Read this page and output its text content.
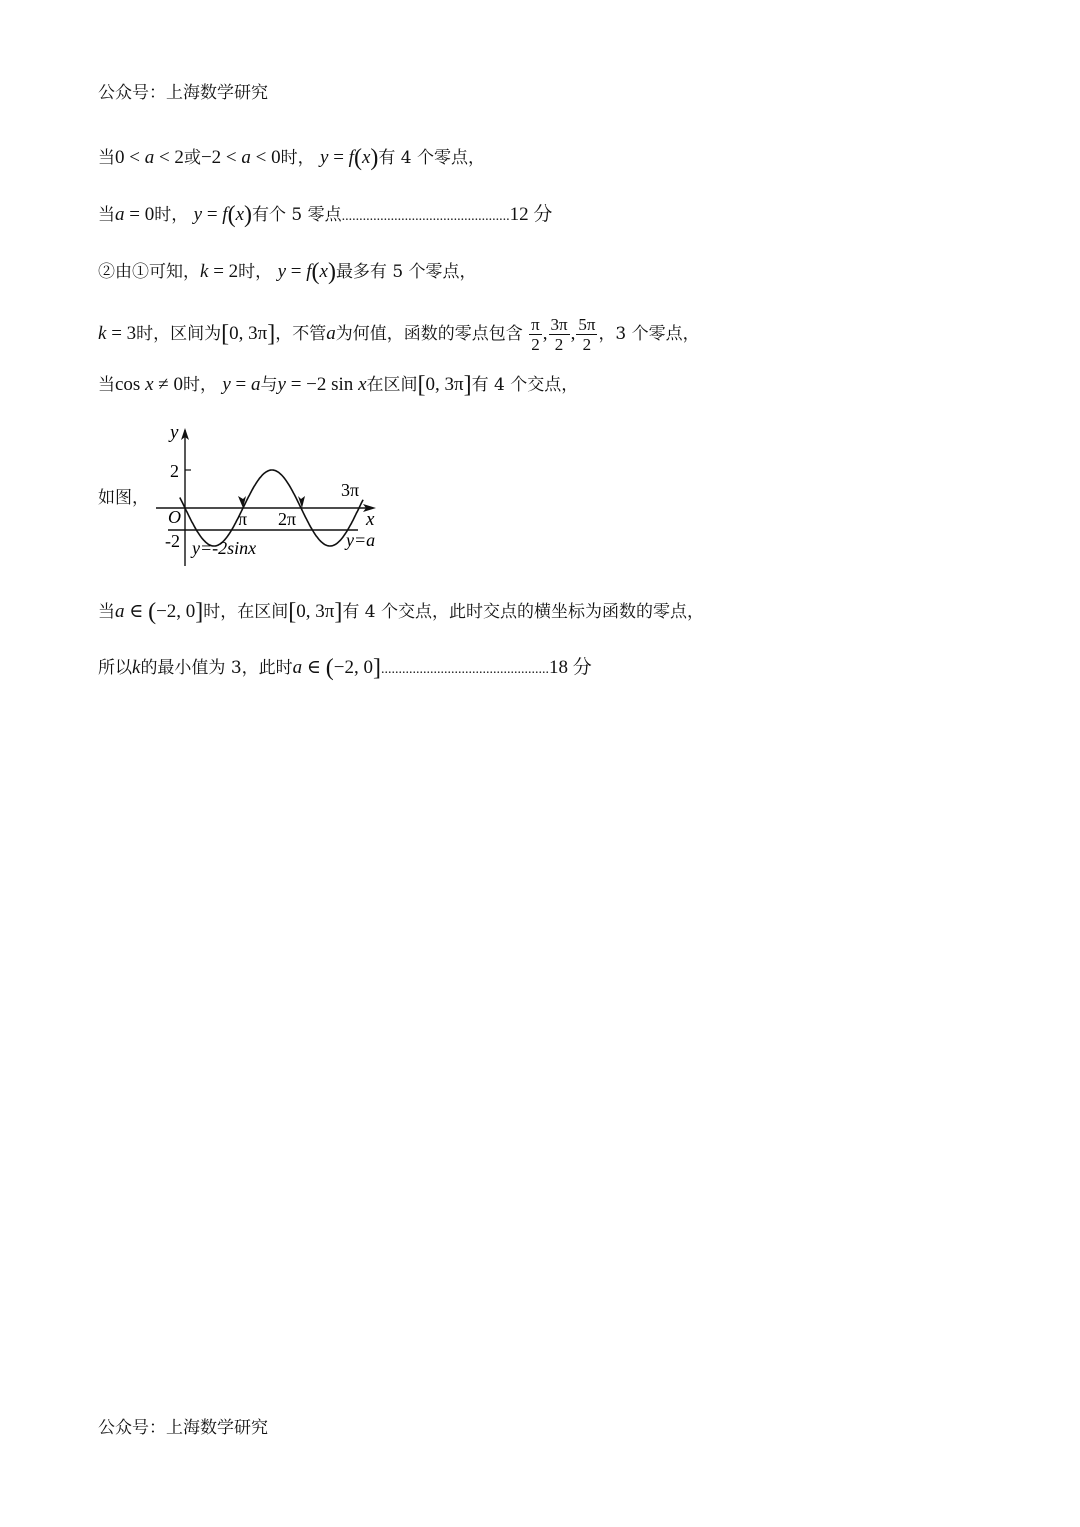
公众号：上海数学研究
当0 < a < 2或−2 < a < 0时， y = f(x)有 4 个零点，
当a = 0时， y = f(x)有个 5 零点................................................12 分
②由①可知，k = 2时， y = f(x)最多有 5 个零点，
k = 3时，区间为[0, 3π]，不管a为何值，函数的零点包含 $\frac{\pi}{2}$ , $\frac{3\pi}{2}$ , $\frac{5\pi}{2}$ ，3 个零点，
当cos x ≠ 0时， y = a与y = −2 sin x在区间[0, 3π]有 4 个交点，
如图，
y
2
O
-2
π 2π
3π
x
y=a
y=-2sinx
当a ∈ (−2, 0]时，在区间[0, 3π]有 4 个交点，此时交点的横坐标为函数的零点，
所以k的最小值为 3，此时a ∈ (−2, 0]................................................18 分
公众号：上海数学研究
